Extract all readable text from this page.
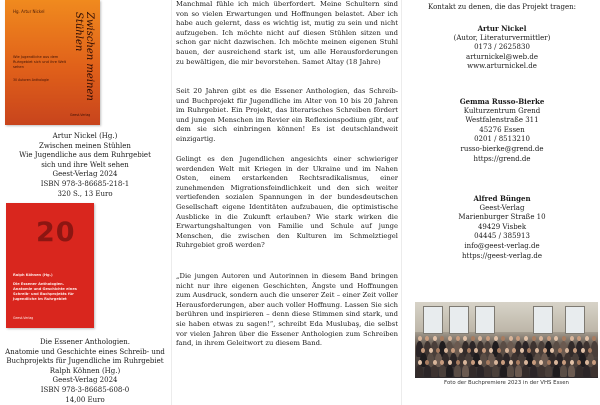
Hg. Artur Nickel
Zwischen meinen Stühlen
Wie Jugendliche aus dem Ruhrgebiet sich und ihre Welt sehen
30 Autoren Anthologie
Geest-Verlag
Artur Nickel (Hg.)
Zwischen meinen Stühlen
Wie Jugendliche aus dem Ruhrgebiet
sich und ihre Welt sehen
Geest-Verlag 2024
ISBN 978-3-86685-218-1
320 S., 13 Euro
20
Ralph Köhnen (Hg.)
Die Essener Anthologien. Anatomie und Geschichte eines Schreib- und Buchprojekts für Jugendliche im Ruhrgebiet
Geest-Verlag
Die Essener Anthologien.
Anatomie und Geschichte eines Schreib- und
Buchprojekts für Jugendliche im Ruhrgebiet
Ralph Köhnen (Hg.)
Geest-Verlag 2024
ISBN 978-3-86685-608-0
14,00 Euro

Manchmal fühle ich mich überfordert. Meine Schultern sind von so vielen Erwartungen und Hoffnungen belastet. Aber ich habe auch gelernt, dass es wichtig ist, mutig zu sein und nicht aufzugeben. Ich möchte nicht auf diesen Stühlen sitzen und schon gar nicht dazwischen. Ich möchte meinen eigenen Stuhl bauen, der ausreichend stark ist, um alle Herausforderungen zu bewältigen, die mir bevorstehen. Samet Altay (18 Jahre)

Seit 20 Jahren gibt es die Essener Anthologien, das Schreib- und Buchprojekt für Jugendliche im Alter von 10 bis 20 Jahren im Ruhrgebiet. Ein Projekt, das literarisches Schreiben fördert und jungen Menschen im Revier ein Reflexionspodium gibt, auf dem sie sich einbringen können! Es ist deutschlandweit einzigartig.

Gelingt es den Jugendlichen angesichts einer schwieriger werdenden Welt mit Kriegen in der Ukraine und im Nahen Osten, einem erstarkenden Rechtsradikalismus, einer zunehmenden Migrationsfeindlichkeit und den sich weiter vertiefenden sozialen Spannungen in der bundesdeutschen Gesellschaft eigene Identitäten aufzubauen, die optimistische Ausblicke in die Zukunft erlauben? Wie stark wirken die Erwartungshaltungen von Familie und Schule auf junge Menschen, die zwischen den Kulturen im Schmelztiegel Ruhrgebiet groß werden?

„Die jungen Autoren und Autorinnen in diesem Band bringen nicht nur ihre eigenen Geschichten, Ängste und Hoffnungen zum Ausdruck, sondern auch die unserer Zeit – einer Zeit voller Herausforderungen, aber auch voller Hoffnung. Lassen Sie sich berühren und inspirieren – denn diese Stimmen sind stark, und sie haben etwas zu sagen!“, schreibt Eda Muslubaş, die selbst vor vielen Jahren über die Essener Anthologien zum Schreiben fand, in ihrem Geleitwort zu diesem Band.

Kontakt zu denen, die das Projekt tragen:
Artur Nickel
(Autor, Literaturvermittler)
0173 / 2625830
arturnickel@web.de
www.arturnickel.de
Gemma Russo-Bierke
Kulturzentrum Grend
Westfalenstraße 311
45276 Essen
0201 / 8513210
russo-bierke@grend.de
https://grend.de
Alfred Büngen
Geest-Verlag
Marienburger Straße 10
49429 Visbek
04445 / 385913
info@geest-verlag.de
https://geest-verlag.de
Foto der Buchpremiere 2023 in der VHS Essen
